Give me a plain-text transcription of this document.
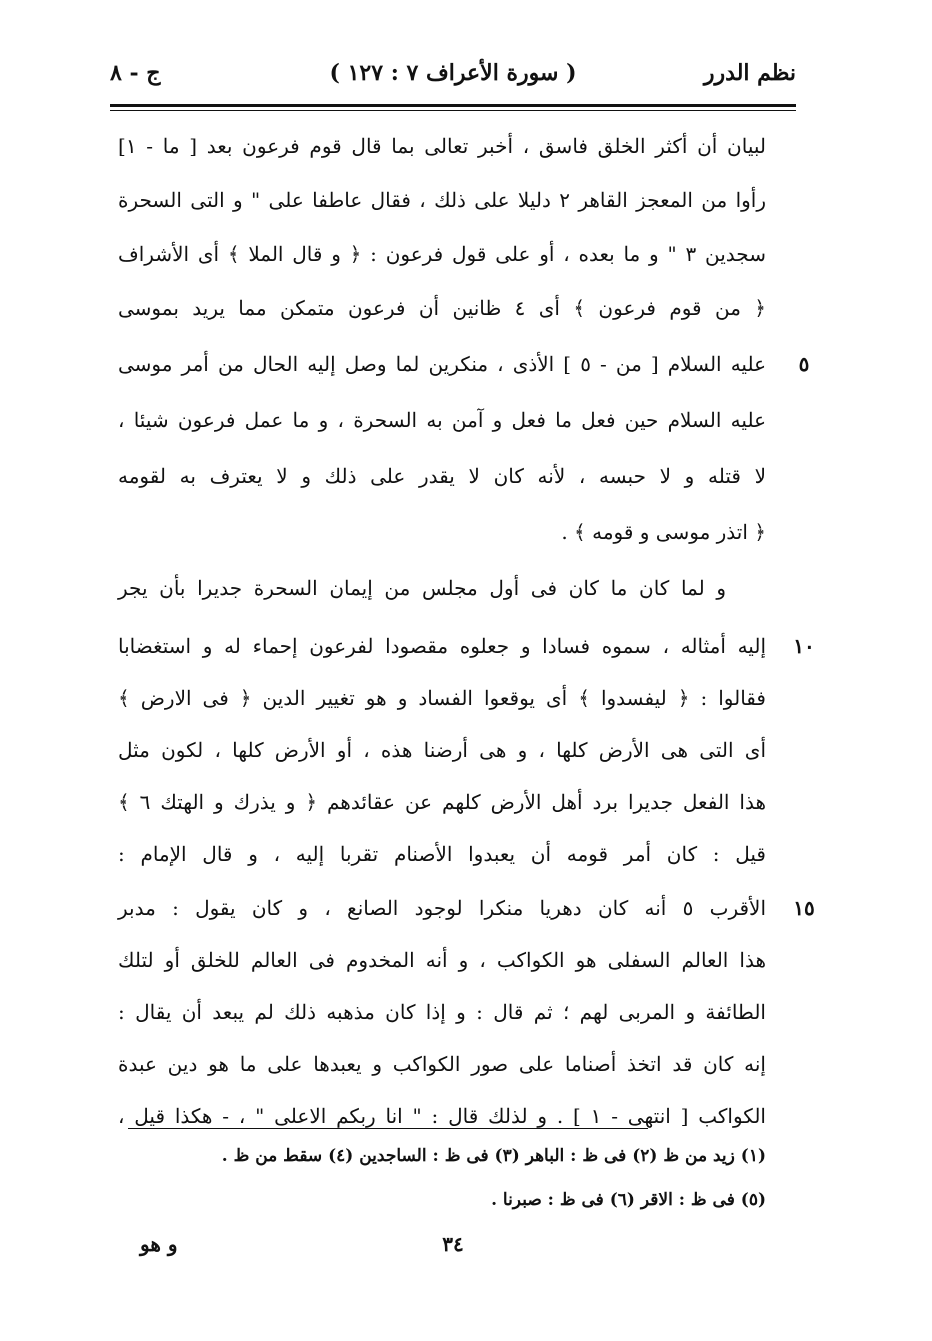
نظم الدرر
( سورة الأعراف ٧ : ١٢٧ )
ج - ٨
لبيان أن أكثر الخلق فاسق ، أخبر تعالى بما قال قوم فرعون بعد [ ما - ١]
رأوا من المعجز القاهر ٢ دليلا على ذلك ، فقال عاطفا على " و التى السحرة
سجدين ٣ " و ما بعده ، أو على قول فرعون : ﴿ و قال الملا ﴾ أى الأشراف
﴿ من قوم فرعون ﴾ أى ٤ ظانين أن فرعون متمكن مما يريد بموسى
عليه السلام [ من - ٥ ] الأذى ، منكرين لما وصل إليه الحال من أمر موسى
عليه السلام حين فعل ما فعل و آمن به السحرة ، و ما عمل فرعون شيئا ،
لا قتله و لا حبسه ، لأنه كان لا يقدر على ذلك و لا يعترف به لقومه
﴿ اتذر موسى و قومه ﴾ .
و لما كان ما كان فى أول مجلس من إيمان السحرة جديرا بأن يجر
إليه أمثاله ، سموه فسادا و جعلوه مقصودا لفرعون إحماء له و استغضابا
فقالوا : ﴿ ليفسدوا ﴾ أى يوقعوا الفساد و هو تغيير الدين ﴿ فى الارض ﴾
أى التى هى الأرض كلها ، و هى أرضنا هذه ، أو الأرض كلها ، لكون مثل
هذا الفعل جديرا برد أهل الأرض كلهم عن عقائدهم ﴿ و يذرك و الهتك ٦ ﴾
قيل : كان أمر قومه أن يعبدوا الأصنام تقربا إليه ، و قال الإمام :
الأقرب ٥ أنه كان دهريا منكرا لوجود الصانع ، و كان يقول : مدبر
هذا العالم السفلى هو الكواكب ، و أنه المخدوم فى العالم للخلق أو لتلك
الطائفة و المربى لهم ؛ ثم قال : و إذا كان مذهبه ذلك لم يبعد أن يقال :
إنه كان قد اتخذ أصناما على صور الكواكب و يعبدها على ما هو دين عبدة
الكواكب [ انتهى - ١ ] . و لذلك قال : " انا ربكم الاعلى " ، - هكذا قيل ،
٥
١٠
١٥
(١) زيد من ظ (٢) فى ظ : الباهر (٣) فى ظ : الساجدين (٤) سقط من ظ .
(٥) فى ظ : الاقر (٦) فى ظ : صبرنا .
٣٤
و هو
